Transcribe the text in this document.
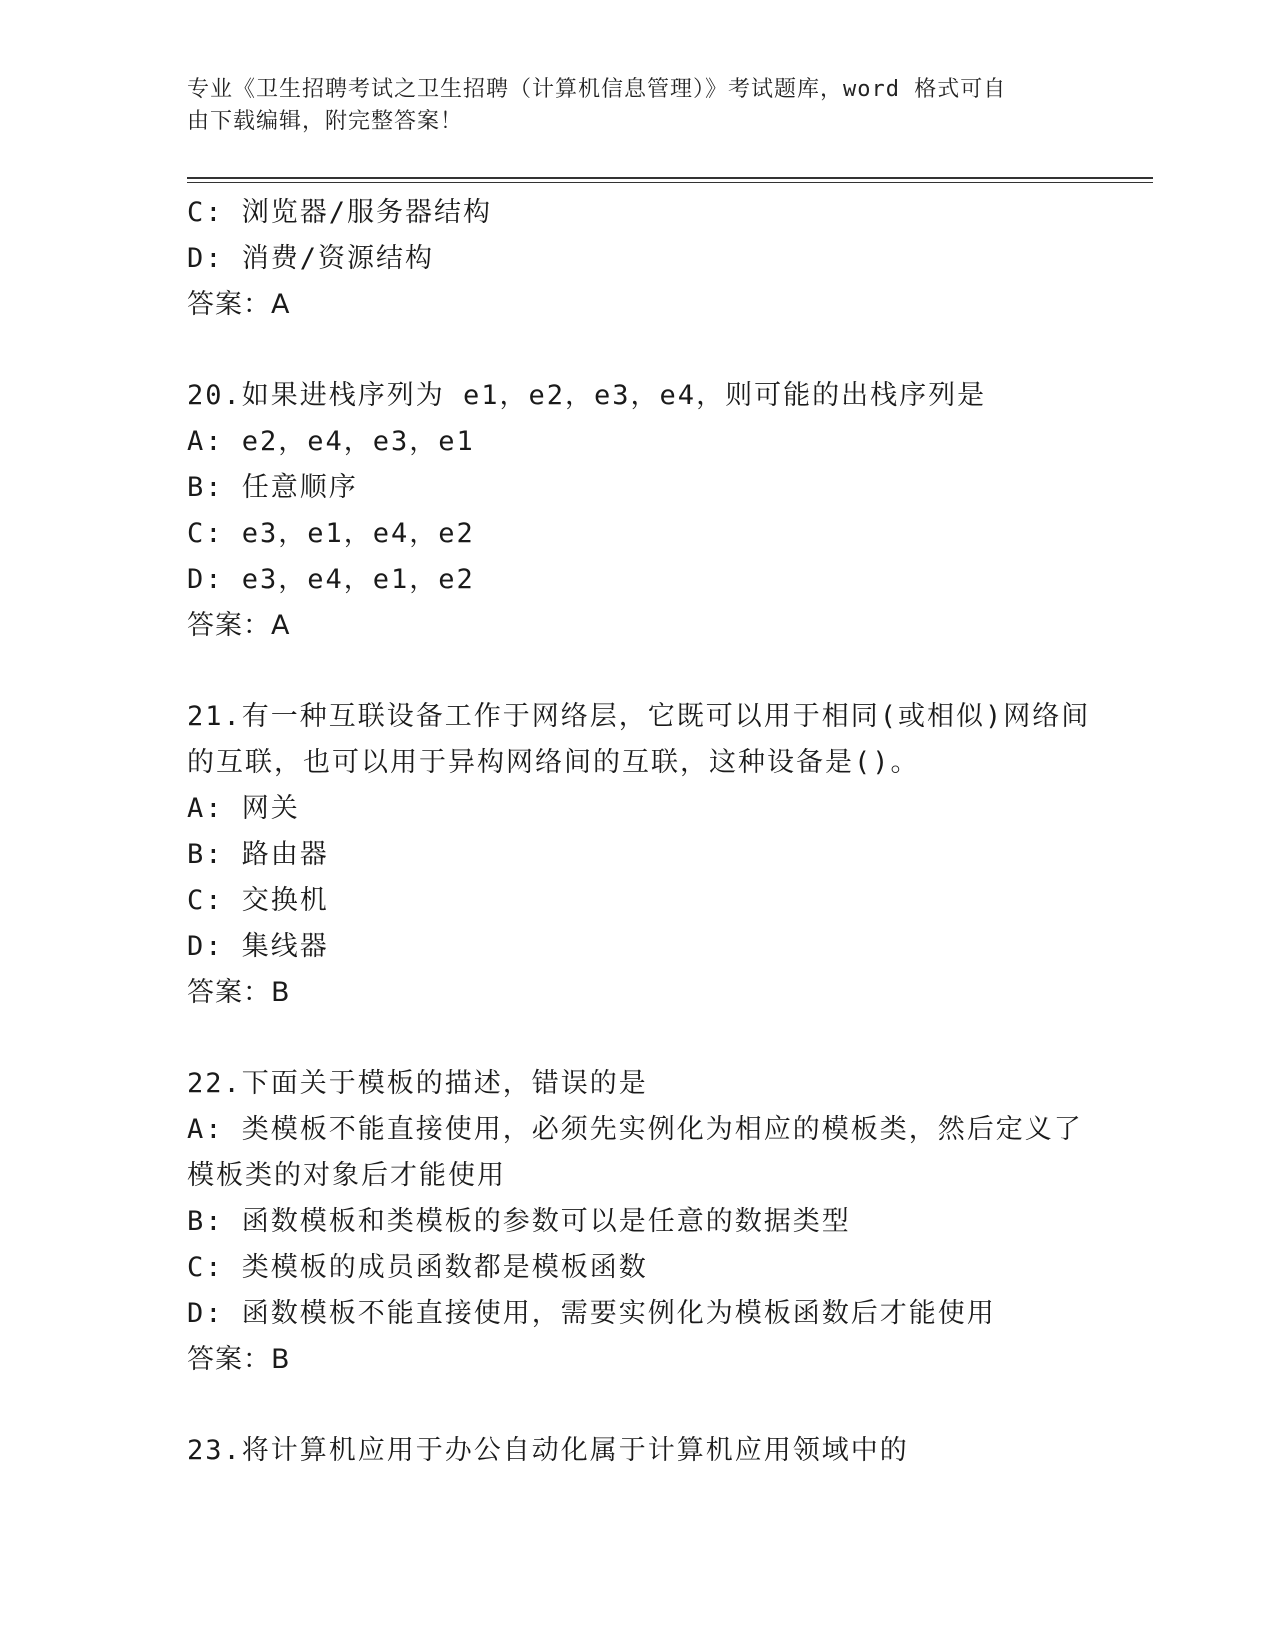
专业《卫生招聘考试之卫生招聘（计算机信息管理）》考试题库，word 格式可自
由下载编辑，附完整答案！
C: 浏览器/服务器结构
D: 消费/资源结构
答案：A
20.如果进栈序列为 e1，e2，e3，e4，则可能的出栈序列是
A: e2，e4，e3，e1
B: 任意顺序
C: e3，e1，e4，e2
D: e3，e4，e1，e2
答案：A
21.有一种互联设备工作于网络层，它既可以用于相同(或相似)网络间
的互联，也可以用于异构网络间的互联，这种设备是()。
A: 网关
B: 路由器
C: 交换机
D: 集线器
答案：B
22.下面关于模板的描述，错误的是
A: 类模板不能直接使用，必须先实例化为相应的模板类，然后定义了
模板类的对象后才能使用
B: 函数模板和类模板的参数可以是任意的数据类型
C: 类模板的成员函数都是模板函数
D: 函数模板不能直接使用，需要实例化为模板函数后才能使用
答案：B
23.将计算机应用于办公自动化属于计算机应用领域中的
